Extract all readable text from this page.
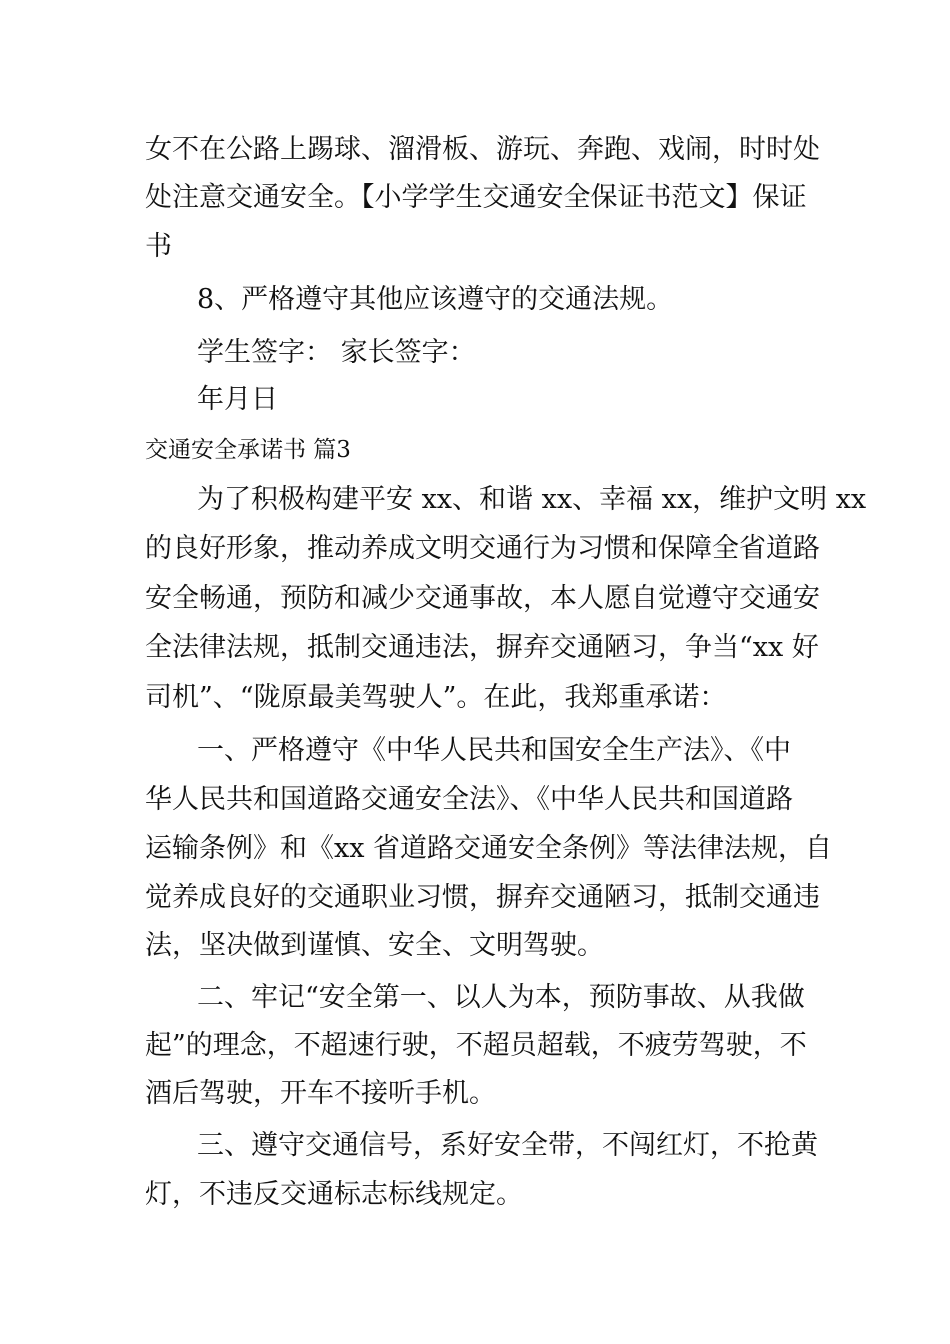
女不在公路上踢球、溜滑板、游玩、奔跑、戏闹，时时处
处注意交通安全。【小学学生交通安全保证书范文】保证
书
8、严格遵守其他应该遵守的交通法规。
学生签字： 家长签字：
年月日
交通安全承诺书 篇3
为了积极构建平安 xx、和谐 xx、幸福 xx，维护文明 xx
的良好形象，推动养成文明交通行为习惯和保障全省道路
安全畅通，预防和减少交通事故，本人愿自觉遵守交通安
全法律法规，抵制交通违法，摒弃交通陋习，争当“xx 好
司机”、“陇原最美驾驶人”。在此，我郑重承诺：
一、严格遵守《中华人民共和国安全生产法》、《中
华人民共和国道路交通安全法》、《中华人民共和国道路
运输条例》和《xx 省道路交通安全条例》等法律法规，自
觉养成良好的交通职业习惯，摒弃交通陋习，抵制交通违
法，坚决做到谨慎、安全、文明驾驶。
二、牢记“安全第一、以人为本，预防事故、从我做
起”的理念，不超速行驶，不超员超载，不疲劳驾驶，不
酒后驾驶，开车不接听手机。
三、遵守交通信号，系好安全带，不闯红灯，不抢黄
灯，不违反交通标志标线规定。
